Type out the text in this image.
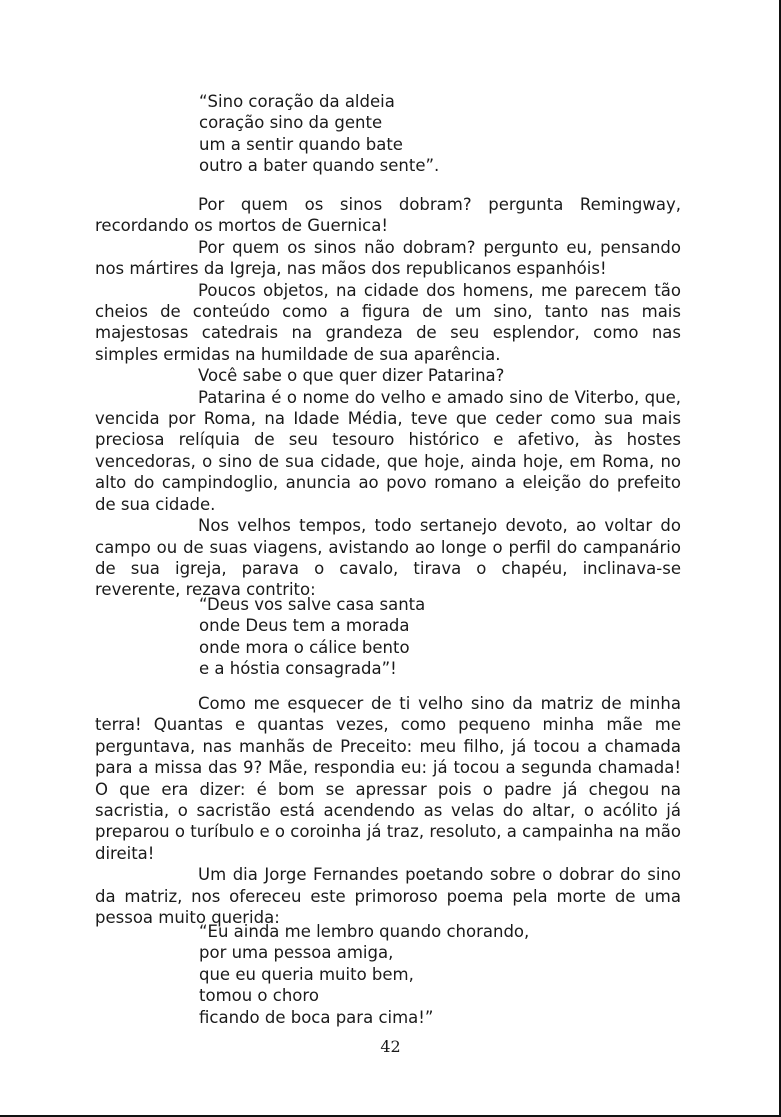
“Sino coração da aldeia
coração sino da gente
um a sentir quando bate
outro a bater quando sente”.

Por quem os sinos dobram? pergunta Remingway, recordando os mortos de Guernica!

Por quem os sinos não dobram? pergunto eu, pensando nos mártires da Igreja, nas mãos dos republicanos espanhóis!

Poucos objetos, na cidade dos homens, me parecem tão cheios de conteúdo como a figura de um sino, tanto nas mais majestosas catedrais na grandeza de seu esplendor, como nas simples ermidas na humildade de sua aparência.

Você sabe o que quer dizer Patarina?

Patarina é o nome do velho e amado sino de Viterbo, que, vencida por Roma, na Idade Média, teve que ceder como sua mais preciosa relíquia de seu tesouro histórico e afetivo, às hostes vencedoras, o sino de sua cidade, que hoje, ainda hoje, em Roma, no alto do campindoglio, anuncia ao povo romano a eleição do prefeito de sua cidade.

Nos velhos tempos, todo sertanejo devoto, ao voltar do campo ou de suas viagens, avistando ao longe o perfil do campanário de sua igreja, parava o cavalo, tirava o chapéu, inclinava-se reverente, rezava contrito:

“Deus vos salve casa santa
onde Deus tem a morada
onde mora o cálice bento
e a hóstia consagrada”!

Como me esquecer de ti velho sino da matriz de minha terra! Quantas e quantas vezes, como pequeno minha mãe me perguntava, nas manhãs de Preceito: meu filho, já tocou a chamada para a missa das 9? Mãe, respondia eu: já tocou a segunda chamada! O que era dizer: é bom se apressar pois o padre já chegou na sacristia, o sacristão está acendendo as velas do altar, o acólito já preparou o turíbulo e o coroinha já traz, resoluto, a campainha na mão direita!

Um dia Jorge Fernandes poetando sobre o dobrar do sino da matriz, nos ofereceu este primoroso poema pela morte de uma pessoa muito querida:

“Eu ainda me lembro quando chorando,
por uma pessoa amiga,
que eu queria muito bem,
tomou o choro
ficando de boca para cima!”
42
